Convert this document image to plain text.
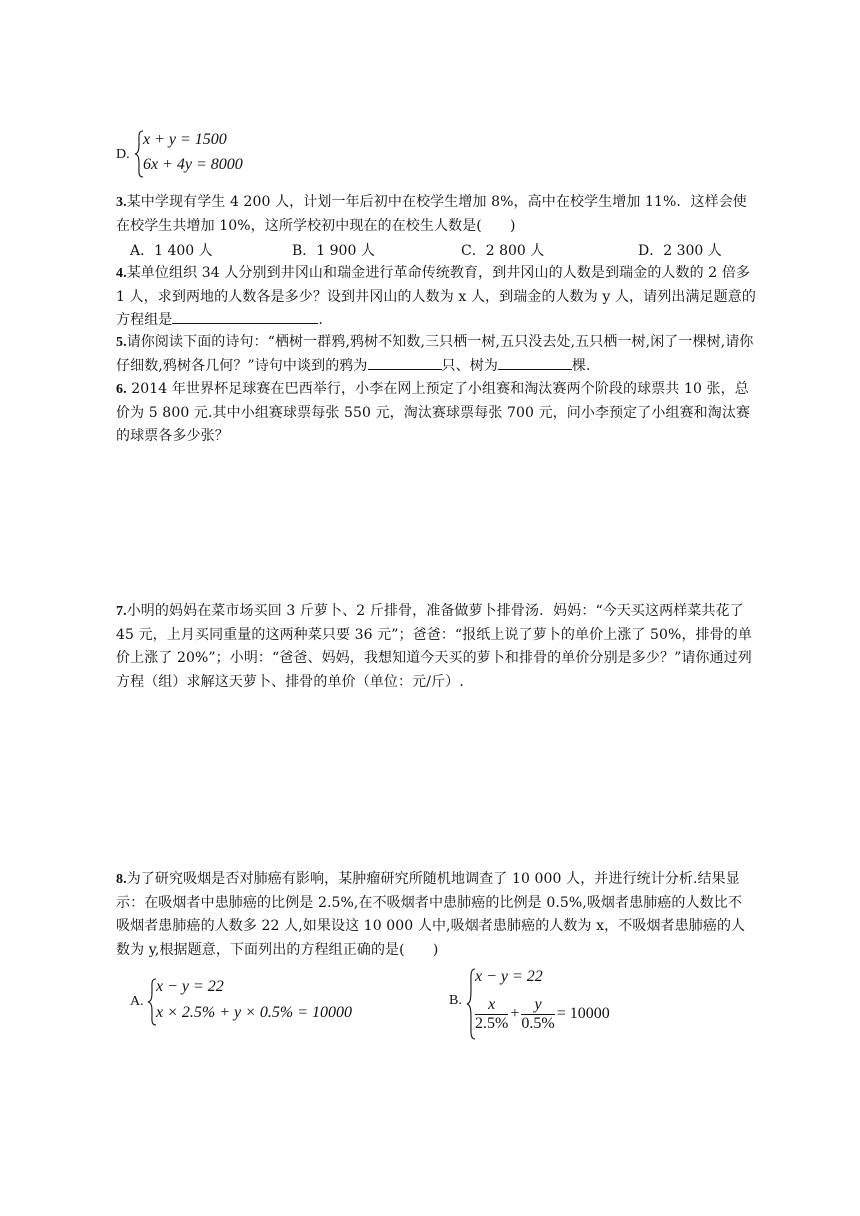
D.
x + y = 1500
6x + 4y = 8000
3.某中学现有学生 4 200 人，计划一年后初中在校学生增加 8%，高中在校学生增加 11%．这样会使在校学生共增加 10%，这所学校初中现在的在校生人数是(　　)
A．1 400 人	B．1 900 人	C．2 800 人	D．2 300 人
4.某单位组织 34 人分别到井冈山和瑞金进行革命传统教育，到井冈山的人数是到瑞金的人数的 2 倍多 1 人，求到两地的人数各是多少？设到井冈山的人数为 x 人，到瑞金的人数为 y 人，请列出满足题意的方程组是	.
5.请你阅读下面的诗句：“栖树一群鸦,鸦树不知数,三只栖一树,五只没去处,五只栖一树,闲了一棵树,请你仔细数,鸦树各几何？”诗句中谈到的鸦为	只、树为	棵.
6. 2014 年世界杯足球赛在巴西举行，小李在网上预定了小组赛和淘汰赛两个阶段的球票共 10 张，总价为 5 800 元.其中小组赛球票每张 550 元，淘汰赛球票每张 700 元，问小李预定了小组赛和淘汰赛的球票各多少张？
7.小明的妈妈在菜市场买回 3 斤萝卜、2 斤排骨，准备做萝卜排骨汤．妈妈：“今天买这两样菜共花了 45 元，上月买同重量的这两种菜只要 36 元”；爸爸：“报纸上说了萝卜的单价上涨了 50%，排骨的单价上涨了 20%”；小明：“爸爸、妈妈，我想知道今天买的萝卜和排骨的单价分别是多少？”请你通过列方程（组）求解这天萝卜、排骨的单价（单位：元/斤）.
8.为了研究吸烟是否对肺癌有影响，某肿瘤研究所随机地调查了 10 000 人，并进行统计分析.结果显示：在吸烟者中患肺癌的比例是 2.5%,在不吸烟者中患肺癌的比例是 0.5%,吸烟者患肺癌的人数比不吸烟者患肺癌的人数多 22 人,如果设这 10 000 人中,吸烟者患肺癌的人数为 x，不吸烟者患肺癌的人数为 y,根据题意，下面列出的方程组正确的是(　　)
A.
x − y = 22
x × 2.5% + y × 0.5% = 10000
B.
x − y = 22
$\frac{x}{2.5\%} + \frac{y}{0.5\%} = 10000$
